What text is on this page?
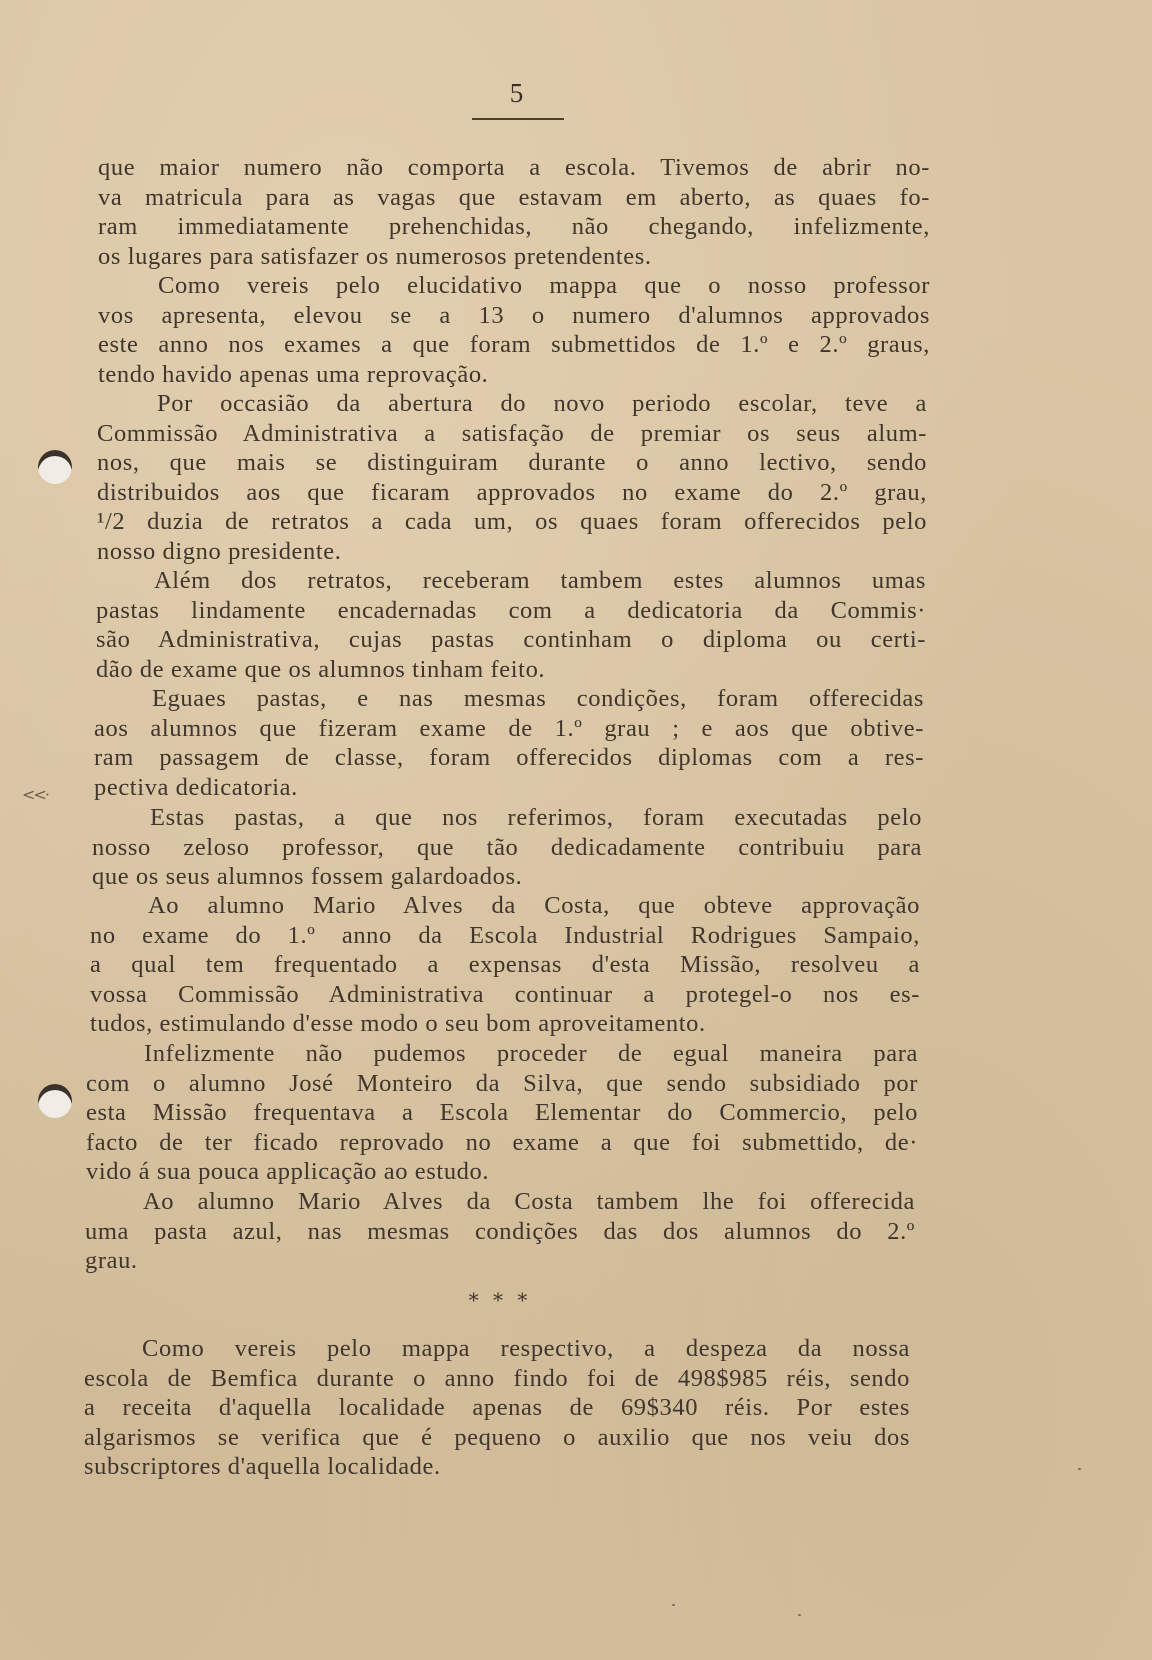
5
<<·
que maior numero não comporta a escola. Tivemos de abrir no-
va matricula para as vagas que estavam em aberto, as quaes fo-
ram immediatamente prehenchidas, não chegando, infelizmente,
os lugares para satisfazer os numerosos pretendentes.
Como vereis pelo elucidativo mappa que o nosso professor
vos apresenta, elevou se a 13 o numero d'alumnos approvados
este anno nos exames a que foram submettidos de 1.º e 2.º graus,
tendo havido apenas uma reprovação.
Por occasião da abertura do novo periodo escolar, teve a
Commissão Administrativa a satisfação de premiar os seus alum-
nos, que mais se distinguiram durante o anno lectivo, sendo
distribuidos aos que ficaram approvados no exame do 2.º grau,
¹/2 duzia de retratos a cada um, os quaes foram offerecidos pelo
nosso digno presidente.
Além dos retratos, receberam tambem estes alumnos umas
pastas lindamente encadernadas com a dedicatoria da Commis·
são Administrativa, cujas pastas continham o diploma ou certi-
dão de exame que os alumnos tinham feito.
Eguaes pastas, e nas mesmas condições, foram offerecidas
aos alumnos que fizeram exame de 1.º grau ; e aos que obtive-
ram passagem de classe, foram offerecidos diplomas com a res-
pectiva dedicatoria.
Estas pastas, a que nos referimos, foram executadas pelo
nosso zeloso professor, que tão dedicadamente contribuiu para
que os seus alumnos fossem galardoados.
Ao alumno Mario Alves da Costa, que obteve approvação
no exame do 1.º anno da Escola Industrial Rodrigues Sampaio,
a qual tem frequentado a expensas d'esta Missão, resolveu a
vossa Commissão Administrativa continuar a protegel-o nos es-
tudos, estimulando d'esse modo o seu bom aproveitamento.
Infelizmente não pudemos proceder de egual maneira para
com o alumno José Monteiro da Silva, que sendo subsidiado por
esta Missão frequentava a Escola Elementar do Commercio, pelo
facto de ter ficado reprovado no exame a que foi submettido, de·
vido á sua pouca applicação ao estudo.
Ao alumno Mario Alves da Costa tambem lhe foi offerecida
uma pasta azul, nas mesmas condições das dos alumnos do 2.º
grau.
* * *
Como vereis pelo mappa respectivo, a despeza da nossa
escola de Bemfica durante o anno findo foi de 498$985 réis, sendo
a receita d'aquella localidade apenas de 69$340 réis. Por estes
algarismos se verifica que é pequeno o auxilio que nos veiu dos
subscriptores d'aquella localidade.
